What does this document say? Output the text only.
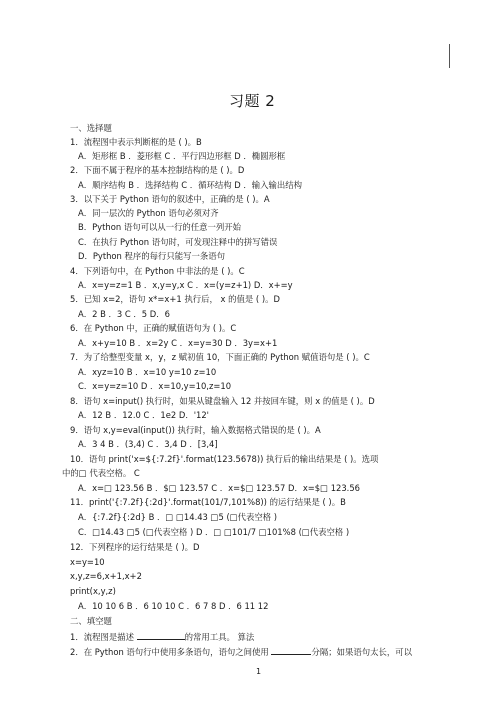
习题 2
一、选择题
1．流程图中表示判断框的是 ( )。B
A．矩形框 B ．菱形框 C ．平行四边形框 D ．椭圆形框
2．下面不属于程序的基本控制结构的是 ( )。D
A．顺序结构 B ．选择结构 C ．循环结构 D ．输入输出结构
3．以下关于 Python 语句的叙述中，正确的是 ( )。A
A．同一层次的 Python 语句必须对齐
B．Python 语句可以从一行的任意一列开始
C．在执行 Python 语句时，可发现注释中的拼写错误
D．Python 程序的每行只能写一条语句
4．下列语句中，在 Python 中非法的是 ( )。C
A．x=y=z=1 B ．x,y=y,x C ．x=(y=z+1) D．x+=y
5．已知 x=2，语句 x*=x+1 执行后， x 的值是 ( )。D
A．2 B ．3 C ．5 D．6
6．在 Python 中，正确的赋值语句为 ( )。C
A．x+y=10 B ．x=2y C ．x=y=30 D ．3y=x+1
7．为了给整型变量 x，y，z 赋初值 10，下面正确的 Python 赋值语句是 ( )。C
A．xyz=10 B ．x=10 y=10 z=10
C．x=y=z=10 D ．x=10,y=10,z=10
8．语句 x=input() 执行时，如果从键盘输入 12 并按回车键，则 x 的值是 ( )。D
A．12 B ．12.0 C ．1e2 D．'12'
9．语句 x,y=eval(input()) 执行时，输入数据格式错误的是 ( )。A
A．3 4 B ．(3,4) C ．3,4 D ．[3,4]
10．语句 print('x=${:7.2f}'.format(123.5678)) 执行后的输出结果是 ( )。选项
中的□ 代表空格。 C
A．x=□ 123.56 B ．$□ 123.57 C ．x=$□ 123.57 D．x=$□ 123.56
11．print('{:7.2f}{:2d}'.format(101/7,101%8)) 的运行结果是 ( )。B
A．{:7.2f}{:2d} B ．□ □14.43 □5 (□代表空格 )
C．□14.43 □5 (□代表空格 ) D ．□ □101/7 □101%8 (□代表空格 )
12．下列程序的运行结果是 ( )。D
x=y=10
x,y,z=6,x+1,x+2
print(x,y,z)
A．10 10 6 B ．6 10 10 C ．6 7 8 D ．6 11 12
二、填空题
1．流程图是描述	的常用工具。 算法
2．在 Python 语句行中使用多条语句，语句之间使用	分隔；如果语句太长，可以
1
